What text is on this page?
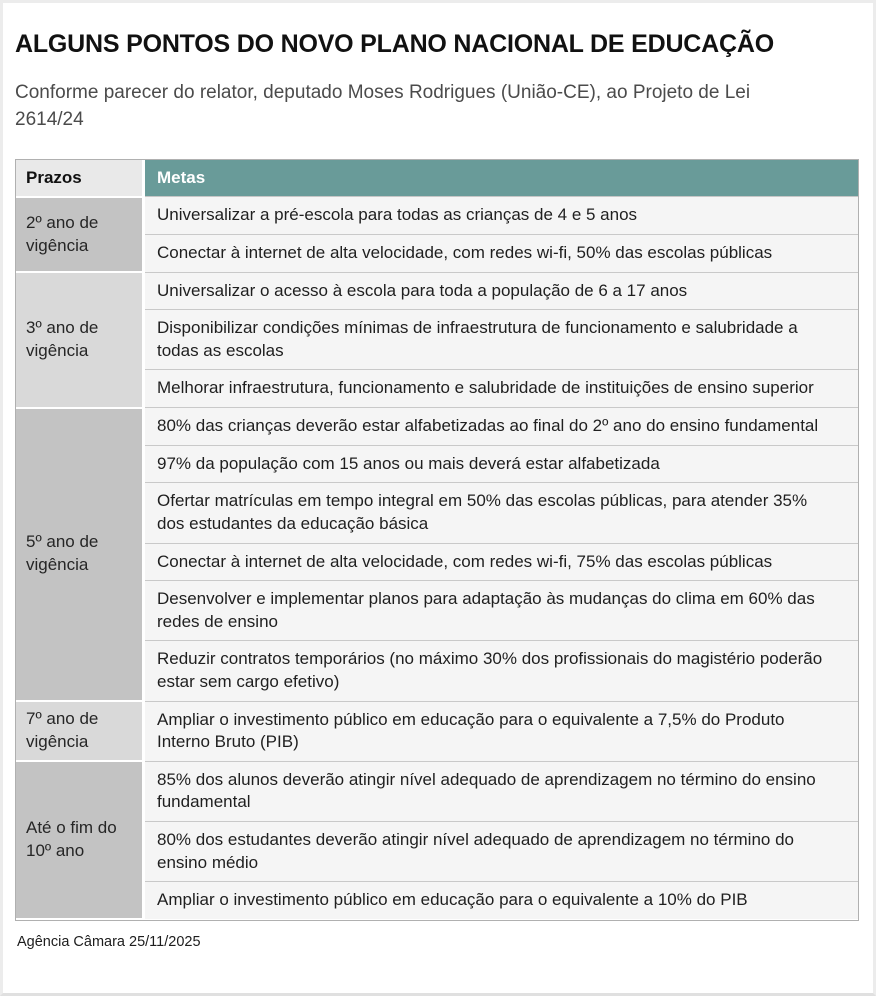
ALGUNS PONTOS DO NOVO PLANO NACIONAL DE EDUCAÇÃO

Conforme parecer do relator, deputado Moses Rodrigues (União-CE), ao Projeto de Lei 2614/24

Prazos	Metas
2º ano de vigência	Universalizar a pré-escola para todas as crianças de 4 e 5 anos

	Conectar à internet de alta velocidade, com redes wi-fi, 50% das escolas públicas

3º ano de vigência	Universalizar o acesso à escola para toda a população de 6 a 17 anos

	Disponibilizar condições mínimas de infraestrutura de funcionamento e salubridade a todas as escolas

	Melhorar infraestrutura, funcionamento e salubridade de instituições de ensino superior

5º ano de vigência	80% das crianças deverão estar alfabetizadas ao final do 2º ano do ensino fundamental

	97% da população com 15 anos ou mais deverá estar alfabetizada

	Ofertar matrículas em tempo integral em 50% das escolas públicas, para atender 35% dos estudantes da educação básica

	Conectar à internet de alta velocidade, com redes wi-fi, 75% das escolas públicas

	Desenvolver e implementar planos para adaptação às mudanças do clima em 60% das redes de ensino

	Reduzir contratos temporários (no máximo 30% dos profissionais do magistério poderão estar sem cargo efetivo)

7º ano de vigência	Ampliar o investimento público em educação para o equivalente a 7,5% do Produto Interno Bruto (PIB)

Até o fim do 10º ano	85% dos alunos deverão atingir nível adequado de aprendizagem no término do ensino fundamental

	80% dos estudantes deverão atingir nível adequado de aprendizagem no término do ensino médio

	Ampliar o investimento público em educação para o equivalente a 10% do PIB

Agência Câmara 25/11/2025
